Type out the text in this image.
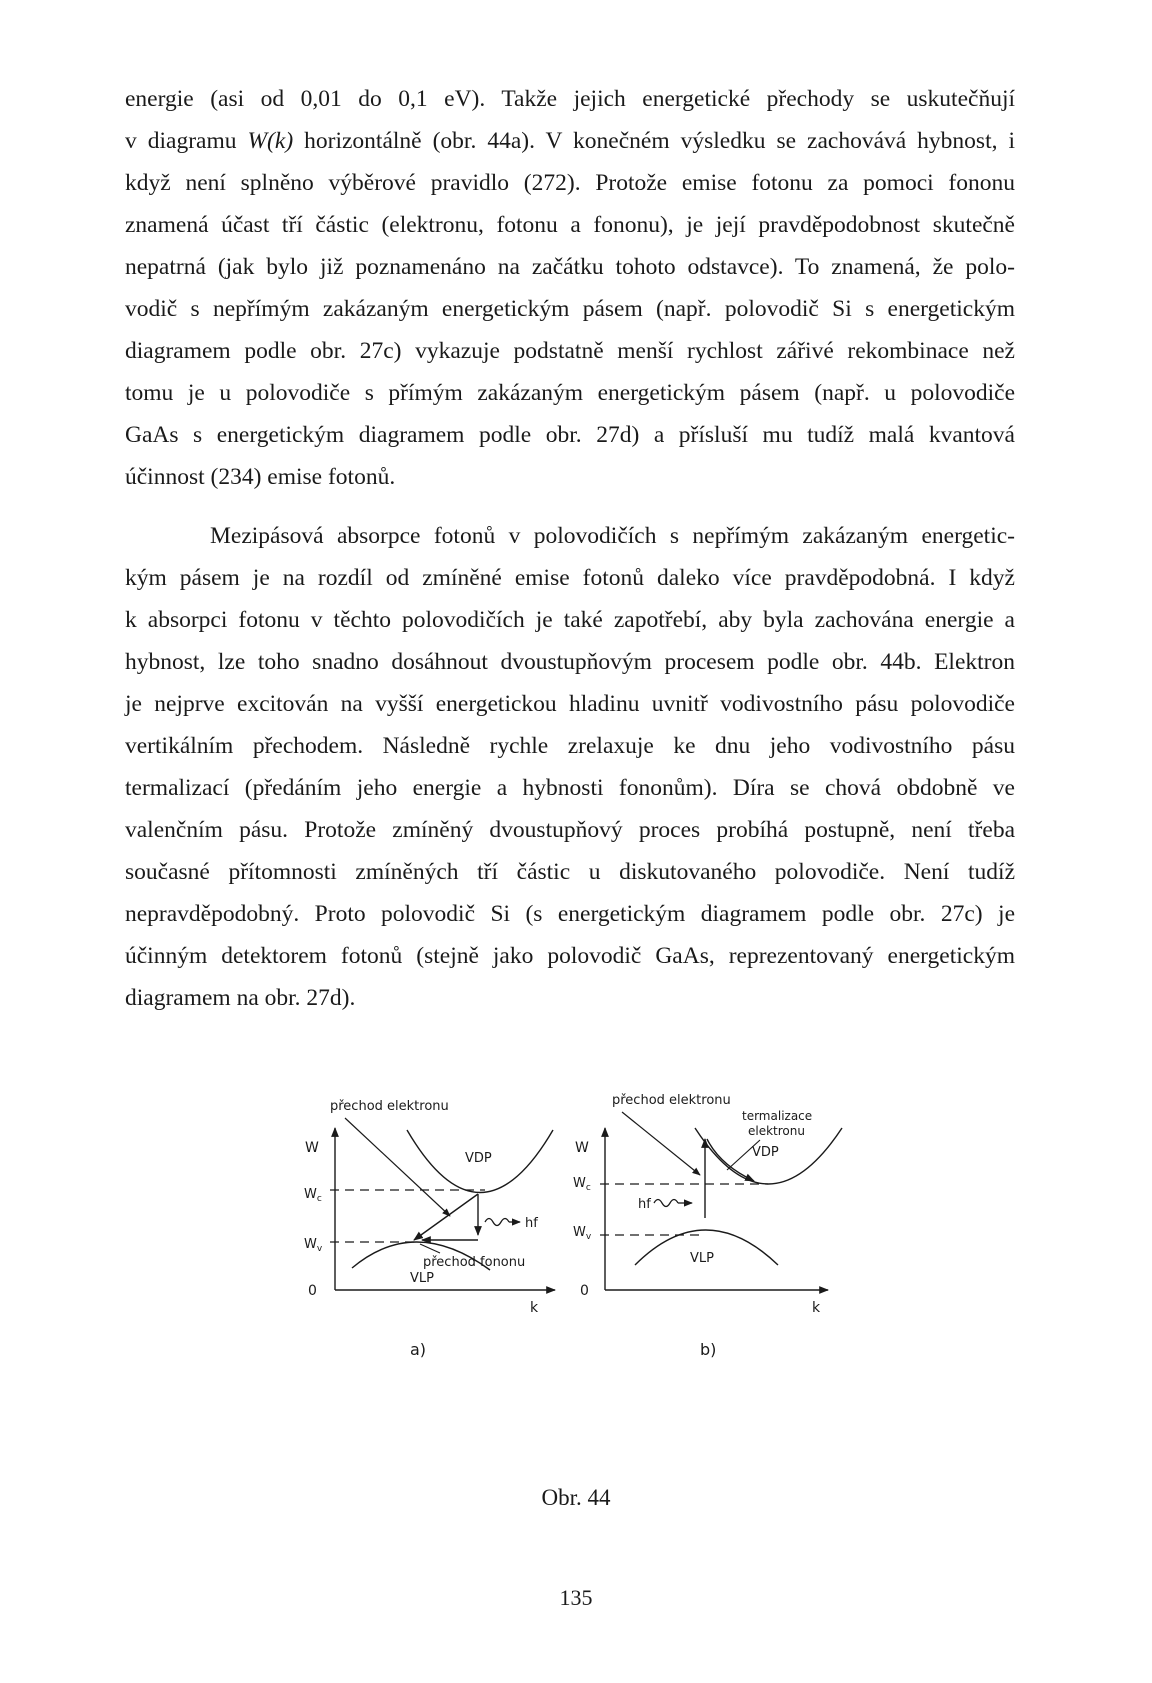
energie (asi od 0,01 do 0,1 eV). Takže jejich energetické přechody se uskutečňují
v diagramu W(k) horizontálně (obr. 44a). V konečném výsledku se zachovává hybnost, i
když není splněno výběrové pravidlo (272). Protože emise fotonu za pomoci fononu
znamená účast tří částic (elektronu, fotonu a fononu), je její pravděpodobnost skutečně
nepatrná (jak bylo již poznamenáno na začátku tohoto odstavce). To znamená, že polo-
vodič s nepřímým zakázaným energetickým pásem (např. polovodič Si s energetickým
diagramem podle obr. 27c) vykazuje podstatně menší rychlost zářivé rekombinace než
tomu je u polovodiče s přímým zakázaným energetickým pásem (např. u polovodiče
GaAs s energetickým diagramem podle obr. 27d) a přísluší mu tudíž malá kvantová
účinnost (234) emise fotonů.
Mezipásová absorpce fotonů v polovodičích s nepřímým zakázaným energetic-
kým pásem je na rozdíl od zmíněné emise fotonů daleko více pravděpodobná. I když
k absorpci fotonu v těchto polovodičích je také zapotřebí, aby byla zachována energie a
hybnost, lze toho snadno dosáhnout dvoustupňovým procesem podle obr. 44b. Elektron
je nejprve excitován na vyšší energetickou hladinu uvnitř vodivostního pásu polovodiče
vertikálním přechodem. Následně rychle zrelaxuje ke dnu jeho vodivostního pásu
termalizací (předáním jeho energie a hybnosti fononům). Díra se chová obdobně ve
valenčním pásu. Protože zmíněný dvoustupňový proces probíhá postupně, není třeba
současné přítomnosti zmíněných tří částic u diskutovaného polovodiče. Není tudíž
nepravděpodobný. Proto polovodič Si (s energetickým diagramem podle obr. 27c) je
účinným detektorem fotonů (stejně jako polovodič GaAs, reprezentovaný energetickým
diagramem na obr. 27d).
W
$W_c$
$W_v$
0
k
VDP
VLP
přechod elektronu
hf
přechod fononu
a)
W
$W_c$
$W_v$
0
k
VDP
VLP
přechod elektronu
termalizace
elektronu
hf
b)
Obr. 44
135
